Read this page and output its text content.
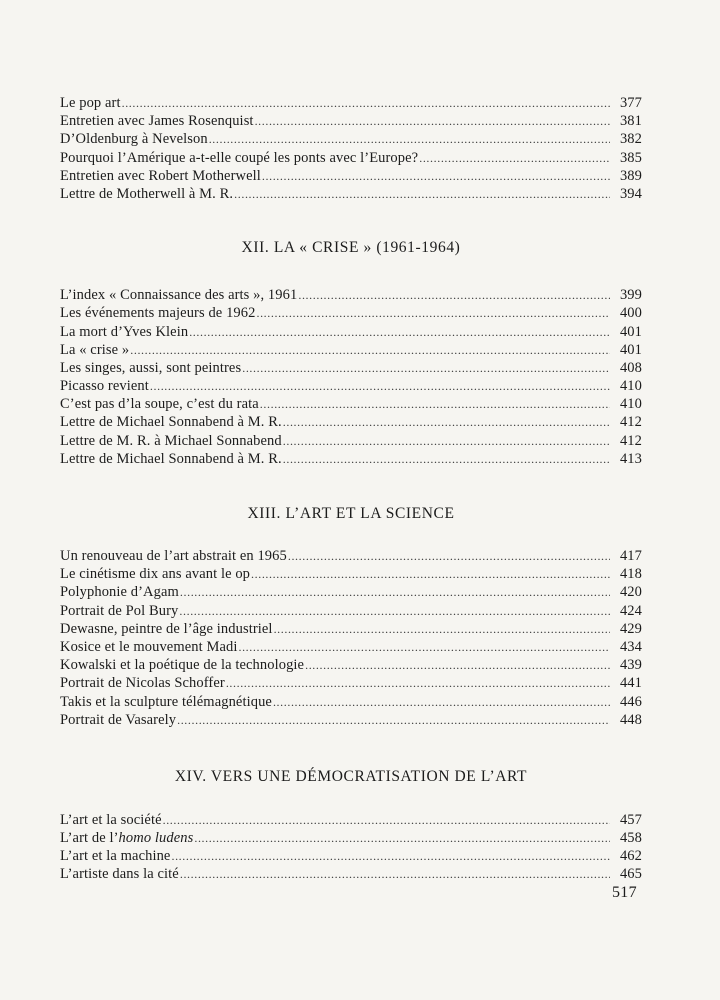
Le pop art .....	377
Entretien avec James Rosenquist .....	381
D’Oldenburg à Nevelson .....	382
Pourquoi l’Amérique a-t-elle coupé les ponts avec l’Europe? .....	385
Entretien avec Robert Motherwell .....	389
Lettre de Motherwell à M. R. .....	394
XII. LA « CRISE » (1961-1964)
L’index « Connaissance des arts », 1961 .....	399
Les événements majeurs de 1962 .....	400
La mort d’Yves Klein .....	401
La « crise » .....	401
Les singes, aussi, sont peintres .....	408
Picasso revient .....	410
C’est pas d’la soupe, c’est du rata .....	410
Lettre de Michael Sonnabend à M. R. .....	412
Lettre de M. R. à Michael Sonnabend .....	412
Lettre de Michael Sonnabend à M. R. .....	413
XIII. L’ART ET LA SCIENCE
Un renouveau de l’art abstrait en 1965 .....	417
Le cinétisme dix ans avant le op .....	418
Polyphonie d’Agam .....	420
Portrait de Pol Bury .....	424
Dewasne, peintre de l’âge industriel .....	429
Kosice et le mouvement Madi .....	434
Kowalski et la poétique de la technologie .....	439
Portrait de Nicolas Schoffer .....	441
Takis et la sculpture télémagnétique .....	446
Portrait de Vasarely .....	448
XIV. VERS UNE DÉMOCRATISATION DE L’ART
L’art et la société .....	457
L’art de l’homo ludens .....	458
L’art et la machine .....	462
L’artiste dans la cité .....	465
517
